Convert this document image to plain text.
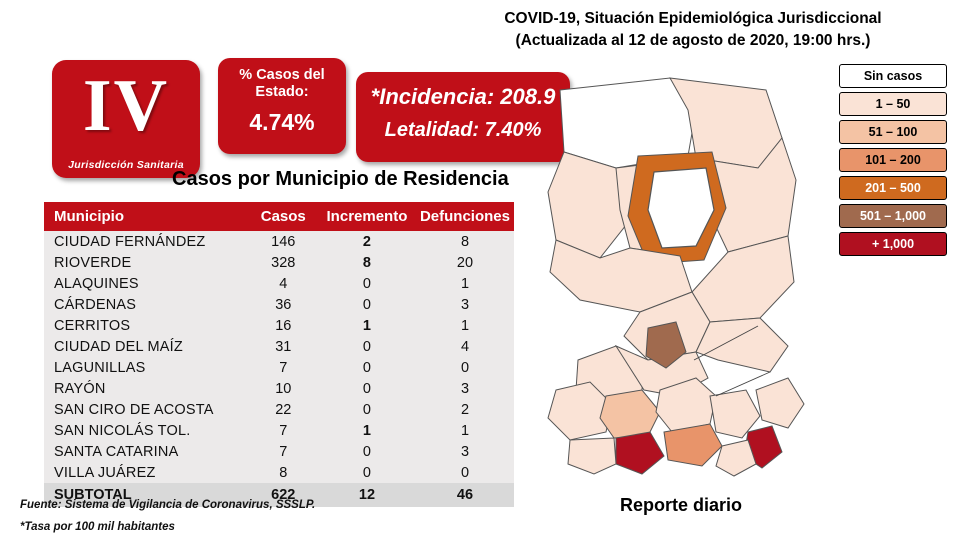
COVID-19, Situación Epidemiológica Jurisdiccional
(Actualizada al 12 de agosto de 2020, 19:00 hrs.)
IV
Jurisdicción Sanitaria
% Casos del Estado:
4.74%
*Incidencia: 208.9
Letalidad: 7.40%
Casos por Municipio de Residencia
Municipio	Casos	Incremento	Defunciones
CIUDAD FERNÁNDEZ	146	2	8
RIOVERDE	328	8	20
ALAQUINES	4	0	1
CÁRDENAS	36	0	3
CERRITOS	16	1	1
CIUDAD DEL MAÍZ	31	0	4
LAGUNILLAS	7	0	0
RAYÓN	10	0	3
SAN CIRO DE ACOSTA	22	0	2
SAN NICOLÁS TOL.	7	1	1
SANTA CATARINA	7	0	3
VILLA JUÁREZ	8	0	0
SUBTOTAL	622	12	46
Fuente: Sistema de Vigilancia de Coronavirus, SSSLP.
*Tasa por 100 mil habitantes
Sin casos
1 – 50
51 – 100
101 – 200
201 – 500
501 – 1,000
+ 1,000
Reporte diario
